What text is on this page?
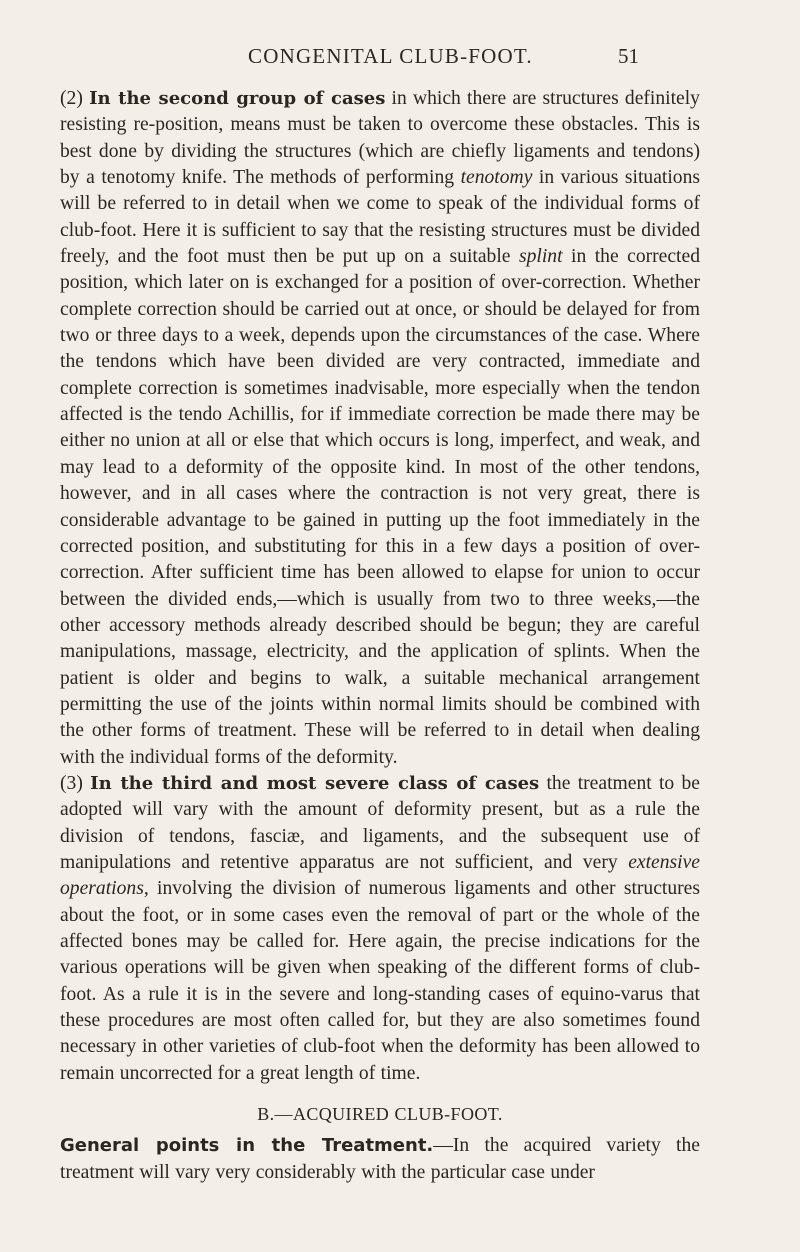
CONGENITAL CLUB-FOOT.	51

(2) In the second group of cases in which there are structures definitely resisting re-position, means must be taken to overcome these obstacles. This is best done by dividing the structures (which are chiefly ligaments and tendons) by a tenotomy knife. The methods of performing tenotomy in various situations will be referred to in detail when we come to speak of the individual forms of club-foot. Here it is sufficient to say that the resisting structures must be divided freely, and the foot must then be put up on a suitable splint in the corrected position, which later on is exchanged for a position of over-correction. Whether complete correction should be carried out at once, or should be delayed for from two or three days to a week, depends upon the circumstances of the case. Where the tendons which have been divided are very contracted, immediate and complete correction is sometimes inadvisable, more especially when the tendon affected is the tendo Achillis, for if immediate correction be made there may be either no union at all or else that which occurs is long, imperfect, and weak, and may lead to a deformity of the opposite kind. In most of the other tendons, however, and in all cases where the contraction is not very great, there is considerable advantage to be gained in putting up the foot immediately in the corrected position, and substituting for this in a few days a position of over-correction. After sufficient time has been allowed to elapse for union to occur between the divided ends,—which is usually from two to three weeks,—the other accessory methods already described should be begun; they are careful manipulations, massage, electricity, and the application of splints. When the patient is older and begins to walk, a suitable mechanical arrangement permitting the use of the joints within normal limits should be combined with the other forms of treatment. These will be referred to in detail when dealing with the individual forms of the deformity.

(3) In the third and most severe class of cases the treatment to be adopted will vary with the amount of deformity present, but as a rule the division of tendons, fasciæ, and ligaments, and the subsequent use of manipulations and retentive apparatus are not sufficient, and very extensive operations, involving the division of numerous ligaments and other structures about the foot, or in some cases even the removal of part or the whole of the affected bones may be called for. Here again, the precise indications for the various operations will be given when speaking of the different forms of club-foot. As a rule it is in the severe and long-standing cases of equino-varus that these procedures are most often called for, but they are also sometimes found necessary in other varieties of club-foot when the deformity has been allowed to remain uncorrected for a great length of time.

B.—ACQUIRED CLUB-FOOT.

General points in the Treatment.—In the acquired variety the treatment will vary very considerably with the particular case under
